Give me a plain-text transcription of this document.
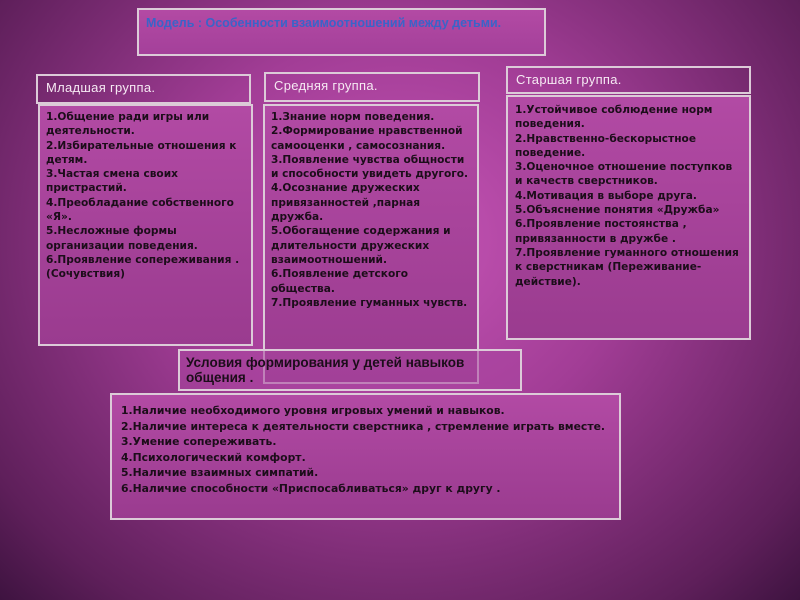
Модель : Особенности взаимоотношений между детьми.
Младшая группа.	Средняя группа.	Старшая группа.
1.Общение ради игры или деятельности.
2.Избирательные отношения к детям.
3.Частая смена своих пристрастий.
4.Преобладание собственного «Я».
5.Несложные формы организации поведения.
6.Проявление сопереживания . (Сочувствия)
1.Знание норм поведения.
2.Формирование нравственной самооценки , самосознания.
3.Появление чувства общности и способности увидеть другого.
4.Осознание дружеских привязанностей ,парная дружба.
5.Обогащение содержания и длительности дружеских взаимоотношений.
6.Появление детского общества.
7.Проявление гуманных чувств.
1.Устойчивое соблюдение норм поведения.
2.Нравственно-бескорыстное поведение.
3.Оценочное отношение поступков и качеств сверстников.
4.Мотивация в выборе друга.
5.Объяснение понятия «Дружба»
6.Проявление постоянства , привязанности в дружбе .
7.Проявление гуманного отношения к сверстникам (Переживание-действие).
Условия формирования у детей навыков общения .
1.Наличие необходимого уровня игровых умений и навыков.
2.Наличие интереса к деятельности сверстника , стремление играть вместе.
3.Умение сопереживать.
4.Психологический комфорт.
5.Наличие взаимных симпатий.
6.Наличие способности «Приспосабливаться» друг к другу .
